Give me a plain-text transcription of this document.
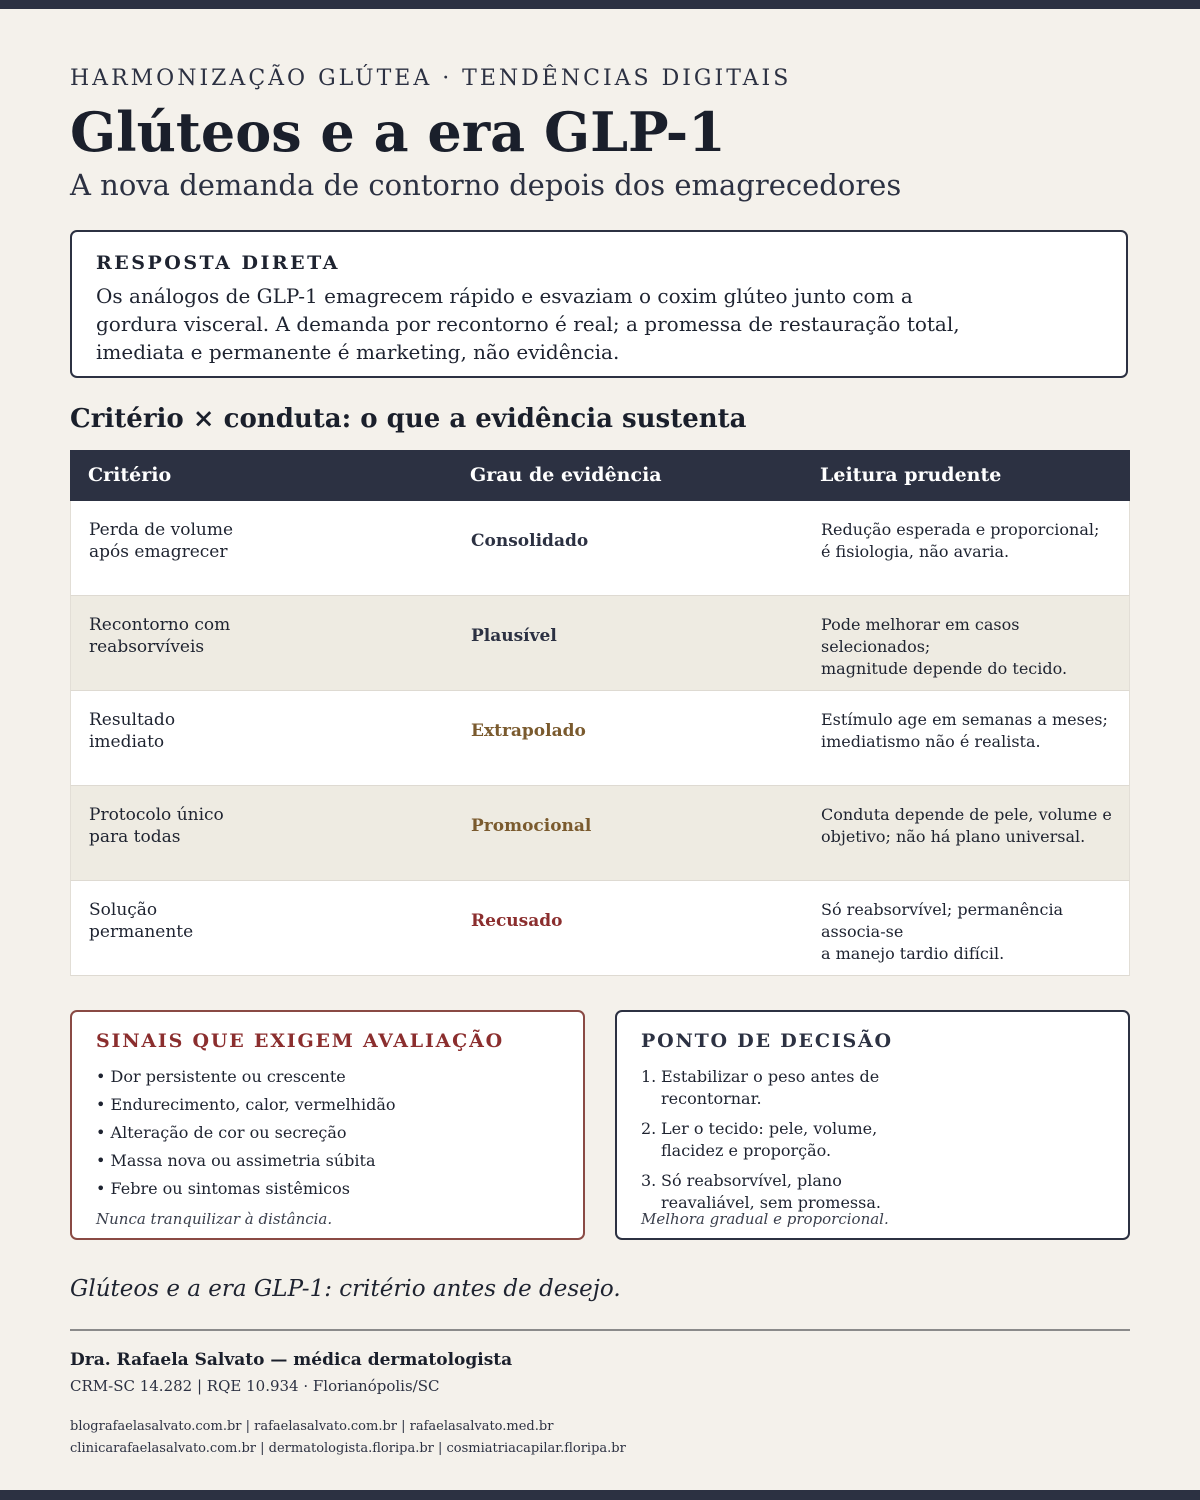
HARMONIZAÇÃO GLÚTEA · TENDÊNCIAS DIGITAIS
Glúteos e a era GLP-1
A nova demanda de contorno depois dos emagrecedores
RESPOSTA DIRETA
Os análogos de GLP-1 emagrecem rápido e esvaziam o coxim glúteo junto com a gordura visceral. A demanda por recontorno é real; a promessa de restauração total, imediata e permanente é marketing, não evidência.
Critério × conduta: o que a evidência sustenta
Critério	Grau de evidência	Leitura prudente
Perda de volume
após emagrecer
Consolidado
Redução esperada e proporcional;
é fisiologia, não avaria.
Recontorno com
reabsorvíveis
Plausível
Pode melhorar em casos selecionados;
magnitude depende do tecido.
Resultado
imediato
Extrapolado
Estímulo age em semanas a meses;
imediatismo não é realista.
Protocolo único
para todas
Promocional
Conduta depende de pele, volume e
objetivo; não há plano universal.
Solução
permanente
Recusado
Só reabsorvível; permanência associa-se
a manejo tardio difícil.
SINAIS QUE EXIGEM AVALIAÇÃO
• Dor persistente ou crescente
• Endurecimento, calor, vermelhidão
• Alteração de cor ou secreção
• Massa nova ou assimetria súbita
• Febre ou sintomas sistêmicos
Nunca tranquilizar à distância.
PONTO DE DECISÃO
1. Estabilizar o peso antes de recontornar.
2. Ler o tecido: pele, volume, flacidez e proporção.
3. Só reabsorvível, plano reavaliável, sem promessa.
Melhora gradual e proporcional.
Glúteos e a era GLP-1: critério antes de desejo.
Dra. Rafaela Salvato — médica dermatologista
CRM-SC 14.282 | RQE 10.934 · Florianópolis/SC
blografaelasalvato.com.br | rafaelasalvato.com.br | rafaelasalvato.med.br
clinicarafaelasalvato.com.br | dermatologista.floripa.br | cosmiatriacapilar.floripa.br
